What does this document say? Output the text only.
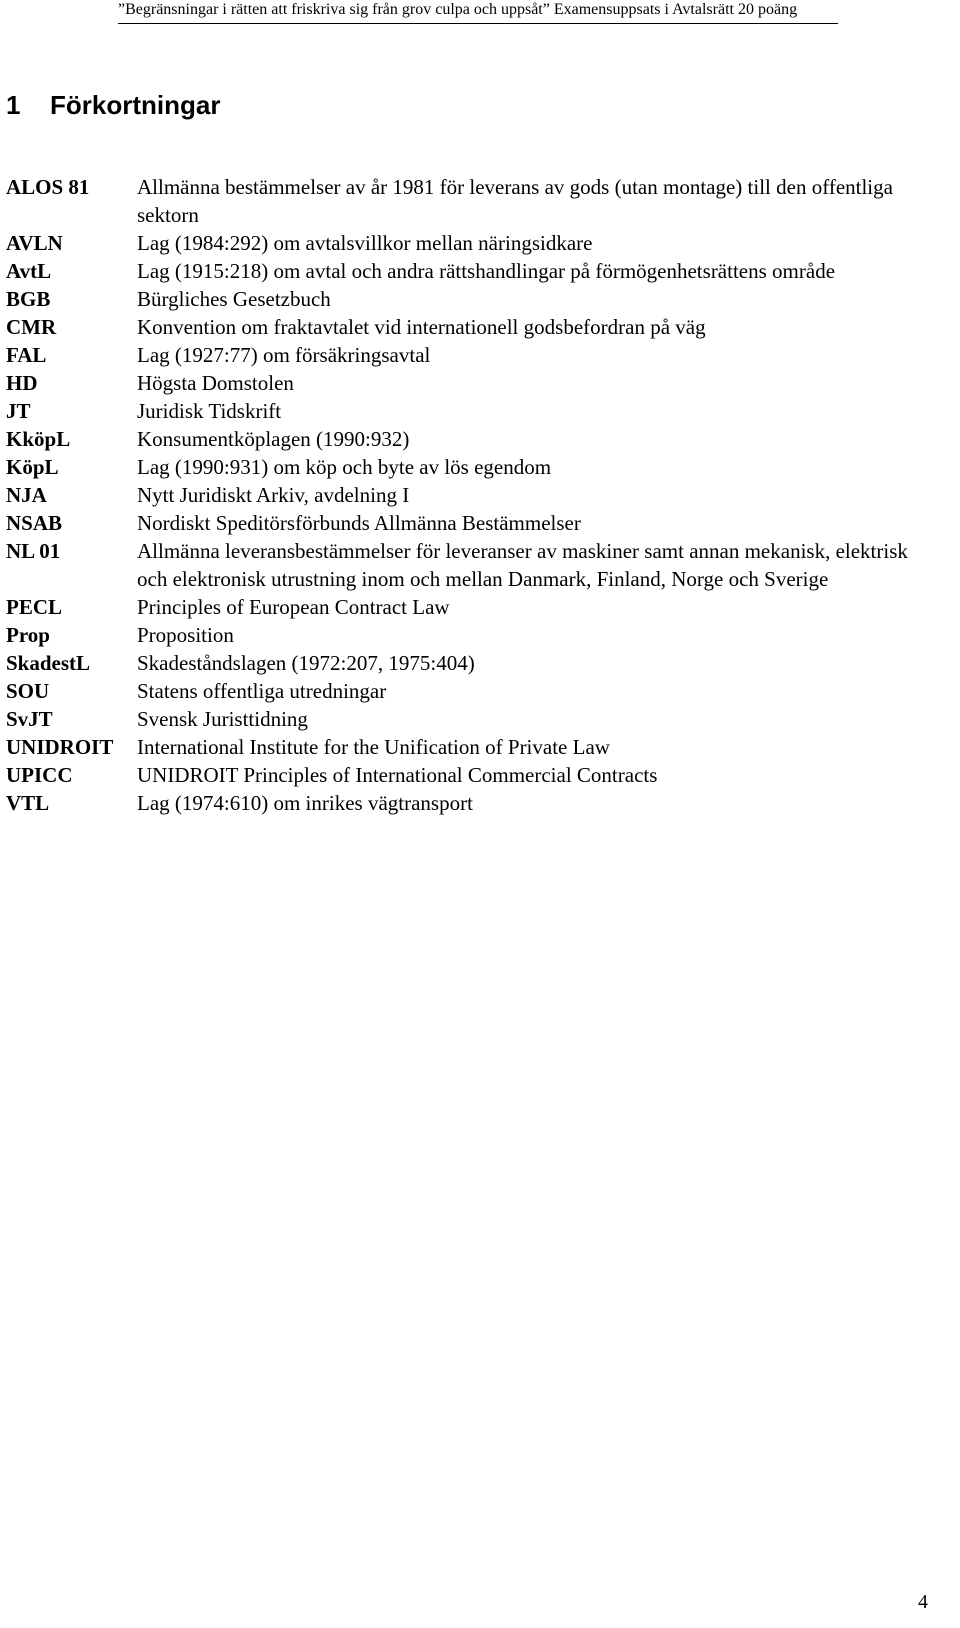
”Begränsningar i rätten att friskriva sig från grov culpa och uppsåt” Examensuppsats i Avtalsrätt 20 poäng
1 Förkortningar
ALOS 81	Allmänna bestämmelser av år 1981 för leverans av gods (utan montage) till den offentliga sektorn
AVLN	Lag (1984:292) om avtalsvillkor mellan näringsidkare
AvtL	Lag (1915:218) om avtal och andra rättshandlingar på förmögenhetsrättens område
BGB	Bürgliches Gesetzbuch
CMR	Konvention om fraktavtalet vid internationell godsbefordran på väg
FAL	Lag (1927:77) om försäkringsavtal
HD	Högsta Domstolen
JT	Juridisk Tidskrift
KköpL	Konsumentköplagen (1990:932)
KöpL	Lag (1990:931) om köp och byte av lös egendom
NJA	Nytt Juridiskt Arkiv, avdelning I
NSAB	Nordiskt Speditörsförbunds Allmänna Bestämmelser
NL 01	Allmänna leveransbestämmelser för leveranser av maskiner samt annan mekanisk, elektrisk och elektronisk utrustning inom och mellan Danmark, Finland, Norge och Sverige
PECL	Principles of European Contract Law
Prop	Proposition
SkadestL	Skadeståndslagen (1972:207, 1975:404)
SOU	Statens offentliga utredningar
SvJT	Svensk Juristtidning
UNIDROIT	International Institute for the Unification of Private Law
UPICC	UNIDROIT Principles of International Commercial Contracts
VTL	Lag (1974:610) om inrikes vägtransport
4
